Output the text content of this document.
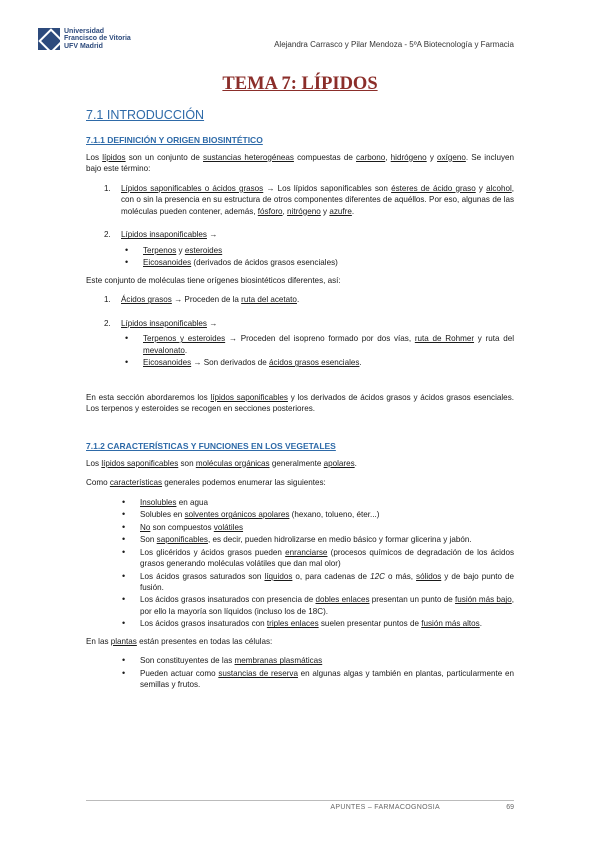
Universidad
Francisco de Vitoria
UFV Madrid	Alejandra Carrasco y Pilar Mendoza - 5ºA Biotecnología y Farmacia
TEMA 7: LÍPIDOS
7.1 INTRODUCCIÓN
7.1.1 DEFINICIÓN Y ORIGEN BIOSINTÉTICO

Los lípidos son un conjunto de sustancias heterogéneas compuestas de carbono, hidrógeno y oxígeno. Se incluyen bajo este término:

1.	Lípidos saponificables o ácidos grasos → Los lípidos saponificables son ésteres de ácido graso y alcohol, con o sin la presencia en su estructura de otros componentes diferentes de aquéllos. Por eso, algunas de las moléculas pueden contener, además, fósforo, nitrógeno y azufre.
2.	Lípidos insaponificables →
• Terpenos y esteroides
• Eicosanoides (derivados de ácidos grasos esenciales)

Este conjunto de moléculas tiene orígenes biosintéticos diferentes, así:

1.	Ácidos grasos → Proceden de la ruta del acetato.
2.	Lípidos insaponificables →
• Terpenos y esteroides → Proceden del isopreno formado por dos vías, ruta de Rohmer y ruta del mevalonato.
• Eicosanoides → Son derivados de ácidos grasos esenciales.

En esta sección abordaremos los lípidos saponificables y los derivados de ácidos grasos y ácidos grasos esenciales. Los terpenos y esteroides se recogen en secciones posteriores.

7.1.2 CARACTERÍSTICAS Y FUNCIONES EN LOS VEGETALES

Los lípidos saponificables son moléculas orgánicas generalmente apolares.

Como características generales podemos enumerar las siguientes:

• Insolubles en agua
• Solubles en solventes orgánicos apolares (hexano, tolueno, éter...)
• No son compuestos volátiles
• Son saponificables, es decir, pueden hidrolizarse en medio básico y formar glicerina y jabón.
• Los glicéridos y ácidos grasos pueden enranciarse (procesos químicos de degradación de los ácidos grasos generando moléculas volátiles que dan mal olor)
• Los ácidos grasos saturados son líquidos o, para cadenas de 12C o más, sólidos y de bajo punto de fusión.
• Los ácidos grasos insaturados con presencia de dobles enlaces presentan un punto de fusión más bajo, por ello la mayoría son líquidos (incluso los de 18C).
• Los ácidos grasos insaturados con triples enlaces suelen presentar puntos de fusión más altos.

En las plantas están presentes en todas las células:

• Son constituyentes de las membranas plasmáticas
• Pueden actuar como sustancias de reserva en algunas algas y también en plantas, particularmente en semillas y frutos.
APUNTES – FARMACOGNOSIA	69
